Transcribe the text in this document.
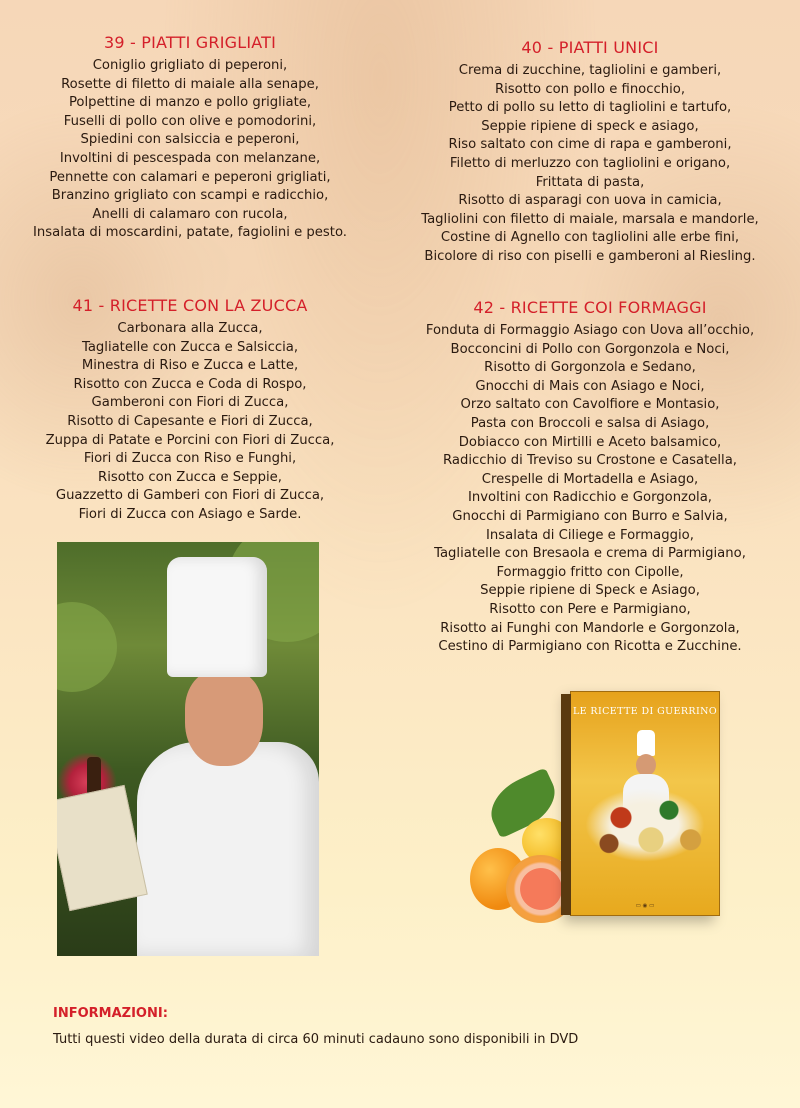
39 - PIATTI GRIGLIATI
Coniglio grigliato di peperoni,
Rosette di filetto di maiale alla senape,
Polpettine di manzo e pollo grigliate,
Fuselli di pollo con olive e pomodorini,
Spiedini con salsiccia e peperoni,
Involtini di pescespada con melanzane,
Pennette con calamari e peperoni grigliati,
Branzino grigliato con scampi e radicchio,
Anelli di calamaro con rucola,
Insalata di moscardini, patate, fagiolini e pesto.
40 - PIATTI UNICI
Crema di zucchine, tagliolini e gamberi,
Risotto con pollo e finocchio,
Petto di pollo su letto di tagliolini e tartufo,
Seppie ripiene di speck e asiago,
Riso saltato con cime di rapa e gamberoni,
Filetto di merluzzo con tagliolini e origano,
Frittata di pasta,
Risotto di asparagi con uova in camicia,
Tagliolini con filetto di maiale, marsala e mandorle,
Costine di Agnello con tagliolini alle erbe fini,
Bicolore di riso con piselli e gamberoni al Riesling.
41 - RICETTE CON LA ZUCCA
Carbonara alla Zucca,
Tagliatelle con Zucca e Salsiccia,
Minestra di Riso e Zucca e Latte,
Risotto con Zucca e Coda di Rospo,
Gamberoni con Fiori di Zucca,
Risotto di Capesante e Fiori di Zucca,
Zuppa di Patate e Porcini con Fiori di Zucca,
Fiori di Zucca con Riso e Funghi,
Risotto con Zucca e Seppie,
Guazzetto di Gamberi con Fiori di Zucca,
Fiori di Zucca con Asiago e Sarde.
42 - RICETTE COI FORMAGGI
Fonduta di Formaggio Asiago con Uova all’occhio,
Bocconcini di Pollo con Gorgonzola e Noci,
Risotto di Gorgonzola e Sedano,
Gnocchi di Mais con Asiago e Noci,
Orzo saltato con Cavolfiore e Montasio,
Pasta con Broccoli e salsa di Asiago,
Dobiacco con Mirtilli e Aceto balsamico,
Radicchio di Treviso su Crostone e Casatella,
Crespelle di Mortadella e Asiago,
Involtini con Radicchio e Gorgonzola,
Gnocchi di Parmigiano con Burro e Salvia,
Insalata di Ciliege e Formaggio,
Tagliatelle con Bresaola e crema di Parmigiano,
Formaggio fritto con Cipolle,
Seppie ripiene di Speck e Asiago,
Risotto con Pere e Parmigiano,
Risotto ai Funghi con Mandorle e Gorgonzola,
Cestino di Parmigiano con Ricotta e Zucchine.
LE RICETTE DI GUERRINO
▭ ◉ ▭

INFORMAZIONI:

Tutti questi video della durata di circa 60 minuti cadauno sono disponibili in DVD
